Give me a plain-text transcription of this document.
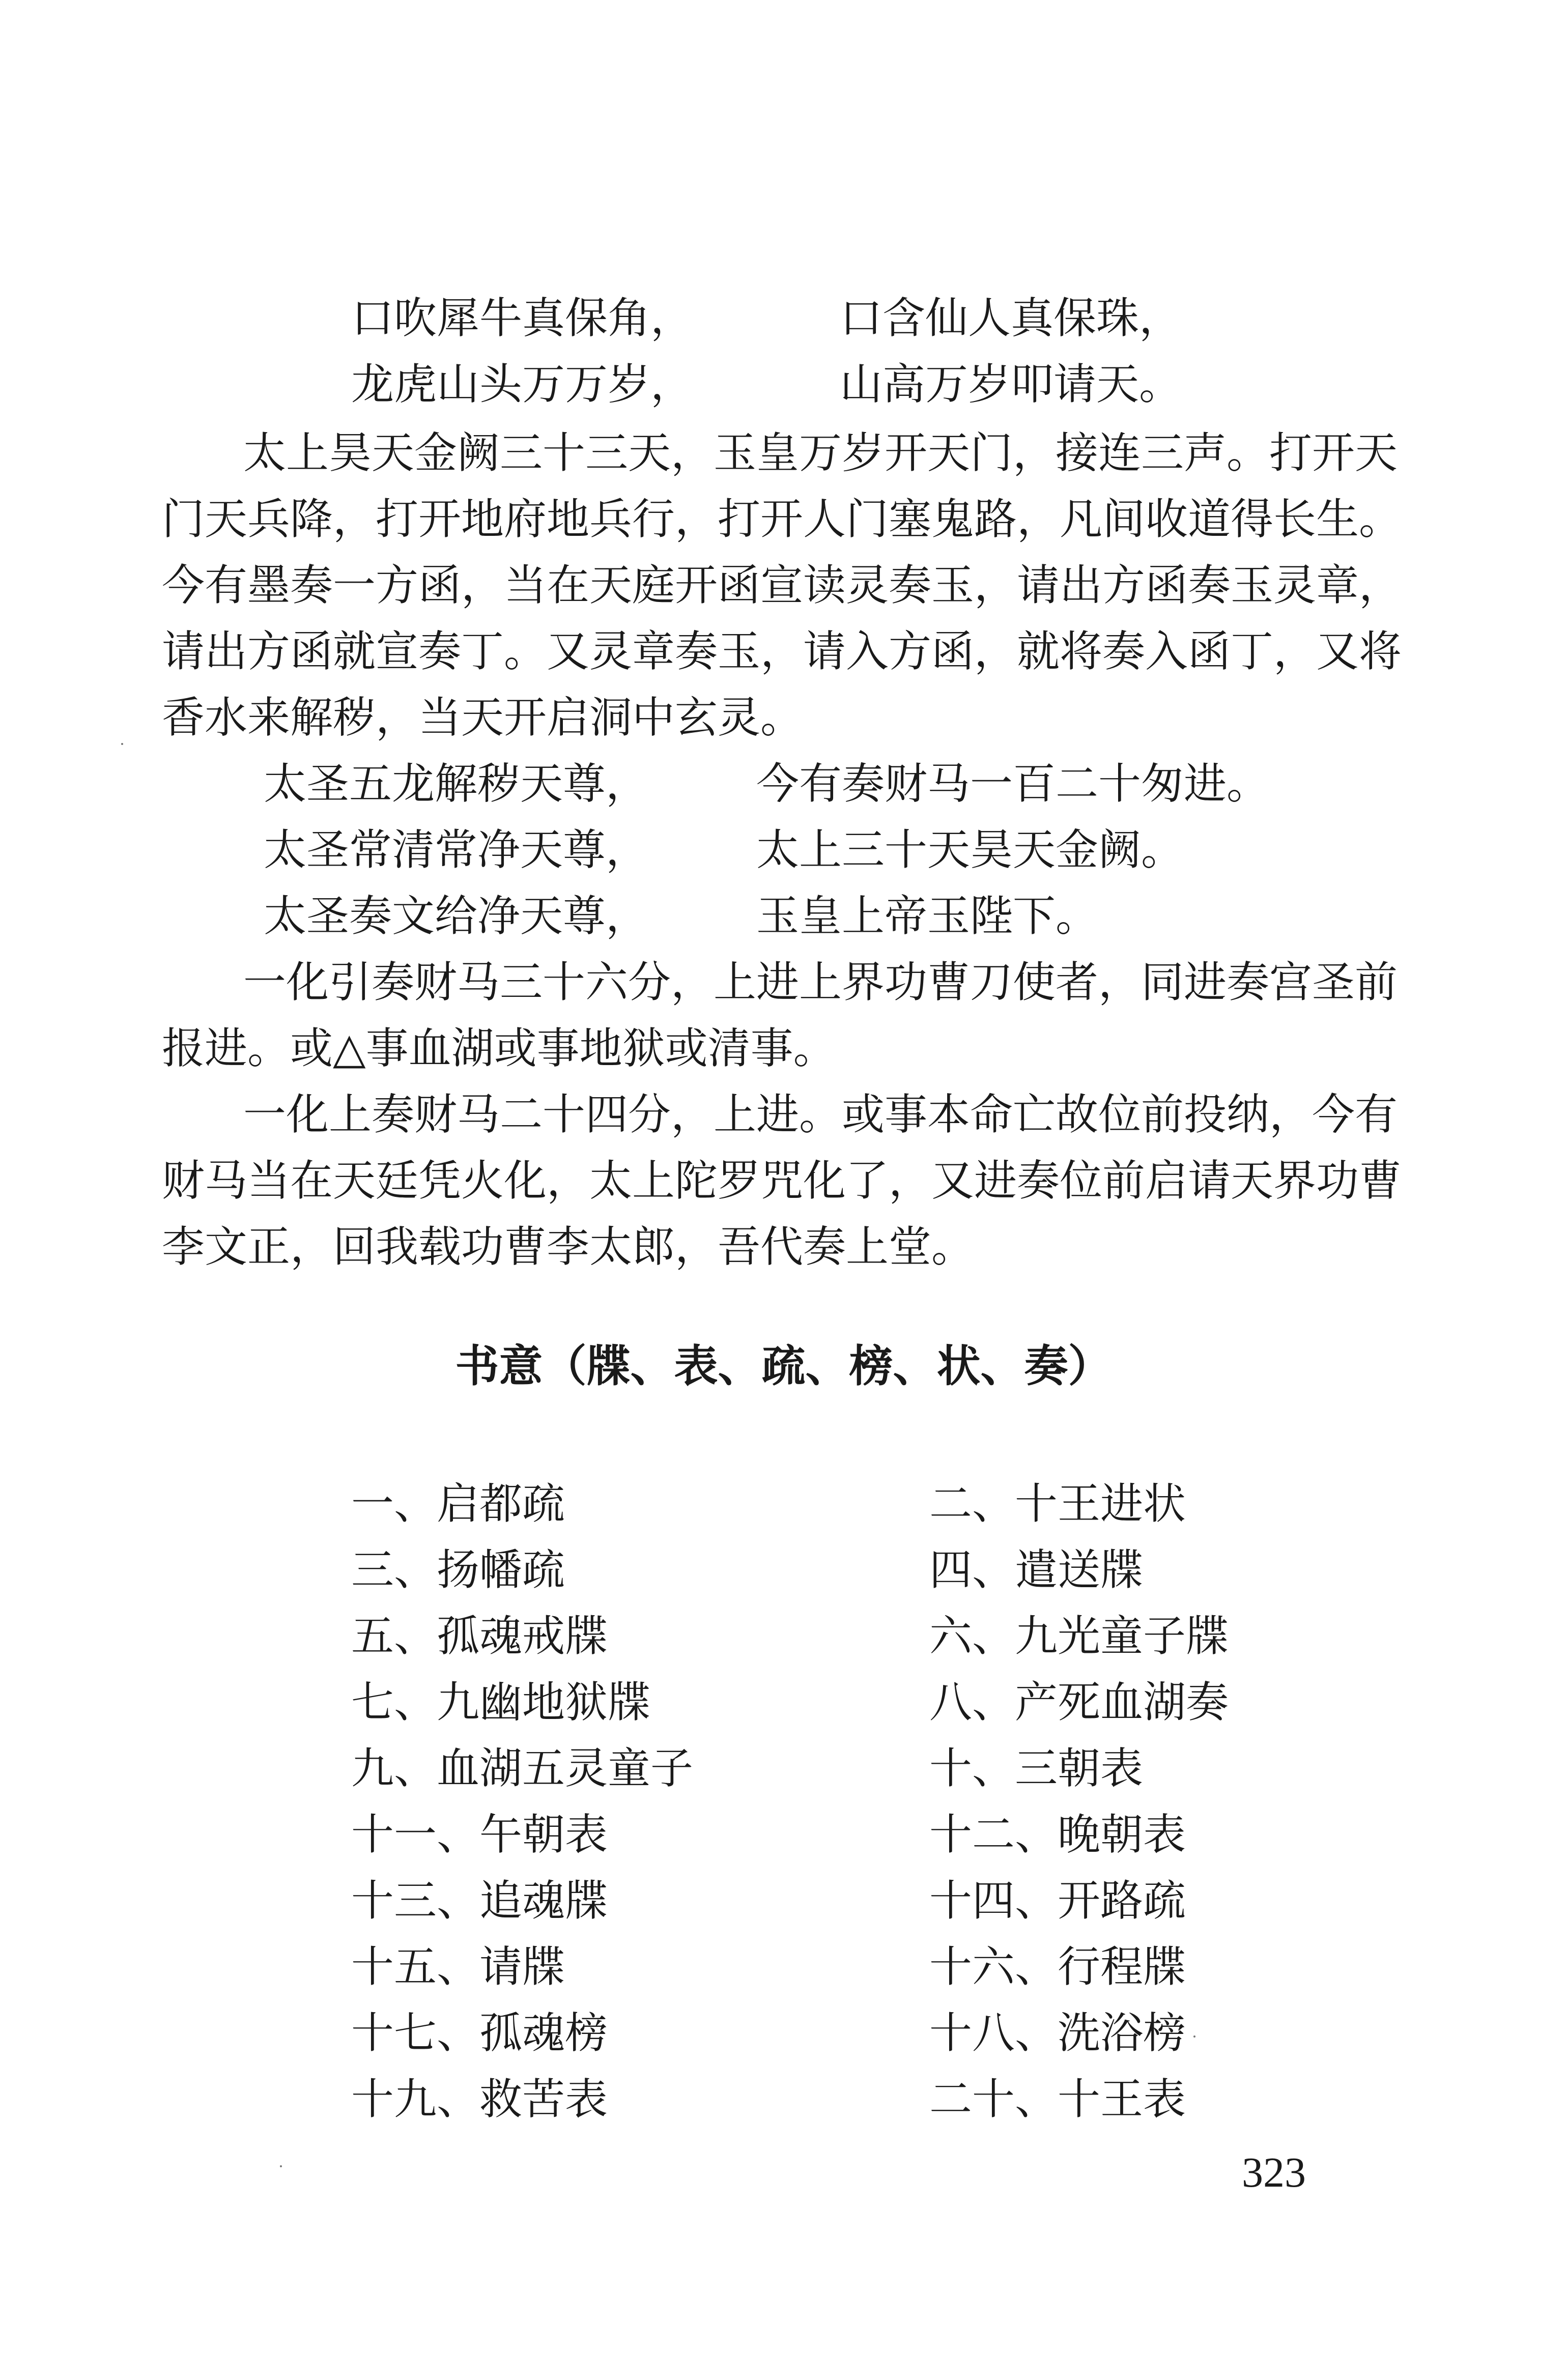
口吹犀牛真保角，	口含仙人真保珠，
龙虎山头万万岁，	山高万岁叩请天。
太上昊天金阙三十三天，玉皇万岁开天门，接连三声。打开天
门天兵降，打开地府地兵行，打开人门塞鬼路，凡间收道得长生。
今有墨奏一方函，当在天庭开函宣读灵奏玉，请出方函奏玉灵章，
请出方函就宣奏丁。又灵章奏玉，请入方函，就将奏入函丁，又将
香水来解秽，当天开启洞中玄灵。
太圣五龙解秽天尊，	今有奏财马一百二十匆进。
太圣常清常净天尊，	太上三十天昊天金阙。
太圣奏文给净天尊，	玉皇上帝玉陛下。
一化引奏财马三十六分，上进上界功曹刀使者，同进奏宫圣前
报进。或△事血湖或事地狱或清事。
一化上奏财马二十四分，上进。或事本命亡故位前投纳，今有
财马当在天廷凭火化，太上陀罗咒化了，又进奏位前启请天界功曹
李文正，回我载功曹李太郎，吾代奏上堂。
书意（牒、表、疏、榜、状、奏）
一、启都疏	二、十王进状
三、扬幡疏	四、遣送牒
五、孤魂戒牒	六、九光童子牒
七、九幽地狱牒	八、产死血湖奏
九、血湖五灵童子	十、三朝表
十一、午朝表	十二、晚朝表
十三、追魂牒	十四、开路疏
十五、请牒	十六、行程牒
十七、孤魂榜	十八、洗浴榜
十九、救苦表	二十、十王表
323
